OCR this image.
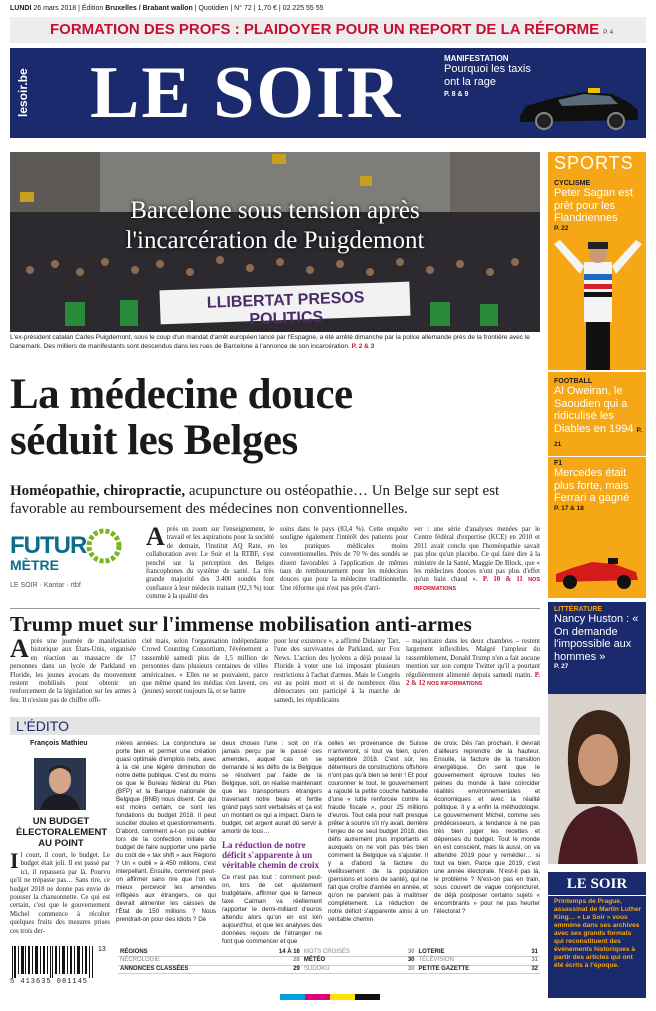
LUNDI 26 mars 2018 | Édition Bruxelles / Brabant wallon | Quotidien | N° 72 | 1,70 € | 02 225 55 55
FORMATION DES PROFS : PLAIDOYER POUR UN REPORT DE LA RÉFORME P. 4
lesoir.be LE SOIR	MANIFESTATION
Pourquoi les taxis ont la rage
P. 8 & 9
Barcelone sous tension après
l'incarcération de Puigdemont
LLIBERTAT PRESOS POLITICS
L'ex-président catalan Carles Puigdemont, sous le coup d'un mandat d'arrêt européen lancé par l'Espagne, a été arrêté dimanche par la police allemande près de la frontière avec le Danemark. Des milliers de manifestants sont descendus dans les rues de Barcelone à l'annonce de son incarcération. P. 2 & 3
SPORTS
CYCLISME
Peter Sagan est prêt pour les Flandriennes
P. 22
FOOTBALL
Al Oweiran, le Saoudien qui a ridiculisé les Diables en 1994 P. 21
F1
Mercedes était plus forte, mais Ferrari a gagné
P. 17 & 18
LITTÉRATURE
Nancy Huston : « On demande l'impossible aux hommes »
P. 27
LE SOIR
Printemps de Prague, assassinat de Martin Luther King… « Le Soir » vous emmène dans ses archives avec ses grands formats qui reconstituent des événements historiques à partir des articles qui ont été écrits à l'époque.
La médecine douce
séduit les Belges
Homéopathie, chiropractie, acupuncture ou ostéopathie… Un Belge sur sept est favorable au remboursement des médecines non conventionnelles.
FUTUR
MÈTRE
LE SOIR · Kantar · rtbf
Après un zoom sur l'enseignement, le travail et les aspirations pour la société de demain, l'institut AQ Rate, en collaboration avec Le Soir et la RTBF, s'est penché sur la perception des Belges francophones du système de santé. La très grande majorité des 3.400 sondés font confiance à leur médecin traitant (92,3 %) tout comme à la qualité des
soins dans le pays (83,4 %). Cette enquête souligne également l'intérêt des patients pour les pratiques médicales moins conventionnelles. Près de 70 % des sondés se disent favorables à l'application de mêmes taux de remboursement pour les médecines douces que pour la médecine traditionnelle. Une réforme qui n'est pas près d'arri-
ver : une série d'analyses menées par le Centre fédéral d'expertise (KCE) en 2010 et 2011 avait conclu que l'homéopathie savait pas plus qu'un placebo. Ce qui faire dire à la ministre de la Santé, Maggie De Block, que « les médecines douces n'ont pas plus d'effet qu'un bain chaud ». P. 10 & 11 NOS INFORMATIONS
Trump muet sur l'immense mobilisation anti-armes
Après une journée de manifestation historique aux États-Unis, organisée en réaction au massacre de 17 personnes dans un lycée de Parkland en Floride, les jeunes avocats du mouvement restent mobilisés pour obtenir un renforcement de la législation sur les armes à feu. Il n'existe pas de chiffre offi-
ciel mais, selon l'organisation indépendante Crowd Counting Consortium, l'événement a rassemblé samedi plus de 1,5 million de personnes dans plusieurs centaines de villes américaines. « Elles ne se pouvaient, parce que même quand les médias s'en lavent, ces (jeunes) seront toujours là, et se battre
pour leur existence », a affirmé Delaney Tarr, l'une des survivantes de Parkland, sur Fox News. L'action des lycéens a déjà poussé la Floride à voter une loi imposant plusieurs restrictions à l'achat d'armes. Mais le Congrès est au point mort et si de nombreux élus démocrates ont participé à la marche de samedi, les républicains
– majoritaire dans les deux chambres – restent largement inflexibles. Malgré l'ampleur du rassemblement, Donald Trump n'en a fait aucune mention sur son compte Twitter qu'il a pourtant régulièrement alimenté depuis samedi matin. P. 2 & 12 NOS INFORMATIONS
L'ÉDITO
François Mathieu
UN BUDGET ÉLECTORALEMENT AU POINT
Il court, il court, le budget. Le budget était joli. Il est passé par ici, il repassera par là. Pourvu qu'il ne trépasse pas… Sans rire, ce budget 2018 ne donne pas envie de pousser la chansonnette. Ce qui est certain, c'est que le gouvernement Michel commence à récolter quelques fruits des mesures prises ces trois der-
nières années. La conjoncture se porte bien et permet une création quasi optimale d'emplois nets, avec à la clé une légère diminution de notre dette publique. C'est du moins ce que le Bureau fédéral du Plan (BFP) et la Banque nationale de Belgique (BNB) nous disent. Ce qui est moins certain, ce sont les fondations du budget 2018. Il peut susciter doutes et questionnements. D'abord, comment a-t-on pu oublier lors de la confection initiale du budget de faire supporter une partie du coût de « tax shift » aux Régions ? Un « oubli » à 450 millions, c'est interpellant. Ensuite, comment peut-on affirmer sans rire que l'on va mieux percevoir les amendes infligées aux étrangers, ce qui devrait alimenter les caisses de l'État de 150 millions ? Nous prendrait-on pour des idiots ? De
deux choses l'une : soit on n'a jamais perçu par le passé ces amendes, auquel cas on se demande si les défis de la Belgique se résolvent par l'aide de la Belgique, soit, on réalise maintenant que les transporteurs étrangers traversant notre beau et fertile grand pays sont verbalisés et ça est un montant ce qui a impact. Dans le budget, cet argent aurait dû servir à amortir de tous…
La réduction de notre déficit s'apparente à un véritable chemin de croix
Ce n'est pas tout : comment peut-on, lors de cet ajustement budgétaire, affirmer que le fameux taxe Caïman va réellement rapporter le demi-milliard d'euros attendu alors qu'on en est loin aujourd'hui, et que les analyses des données reçues de l'étranger ne font que commencer et que
celles en provenance de Suisse n'arriveront, si tout va bien, qu'en septembre 2018. C'est sûr, les détenteurs de constructions offshore n'ont pas qu'à bien se tenir ! Et pour couronner le tout, le gouvernement a rajouté la petite couche habituelle d'une « lutte renforcée contre la fraude fiscale », pour 25 millions d'euros. Tout cela pour naît presque prêter à sourire s'il n'y avait, derrière l'enjeu de ce seul budget 2018, des défis autrement plus importants et auxquels on ne voit pas très bien comment la Belgique va s'ajuster. Il y a d'abord la facture du vieillissement de la population (pensions et soins de santé), qui ne fait que croître d'année en année, et qu'on ne parvient pas à maîtriser complètement. La réduction de notre déficit s'apparente ainsi à un véritable chemin
de croix. Dès l'an prochain, il devrait d'ailleurs reprendre de la hauteur. Ensuite, la facture de la transition énergétique. On sent que le gouvernement éprouve toutes les peines du monde à faire coïncider réalités environnementales et économiques et avec la réalité politique. Il y a enfin la méthodologie. Le gouvernement Michel, comme ses prédécesseurs, a tendance à ne pas très bien juger les recettes et dépenses du budget. Tout le monde en est conscient, mais là aussi, on va attendre 2019 pour y remédier… si tout va bien. Parce que 2019, c'est une année électorale. N'est-il pas là, le problème ? N'est-on pas en train, sous couvert de vague conjoncturel, de déjà postposer certains sujets « encombrants » pour ne pas heurter l'électorat ?
13
5 413635 081145
RÉGIONS	14 À 16	MOTS CROISÉS	30	LOTERIE	31
NÉCROLOGIE	28	MÉTÉO	30	TÉLÉVISION	31
ANNONCES CLASSÉES	29	SUDOKU	30	PETITE GAZETTE	32
